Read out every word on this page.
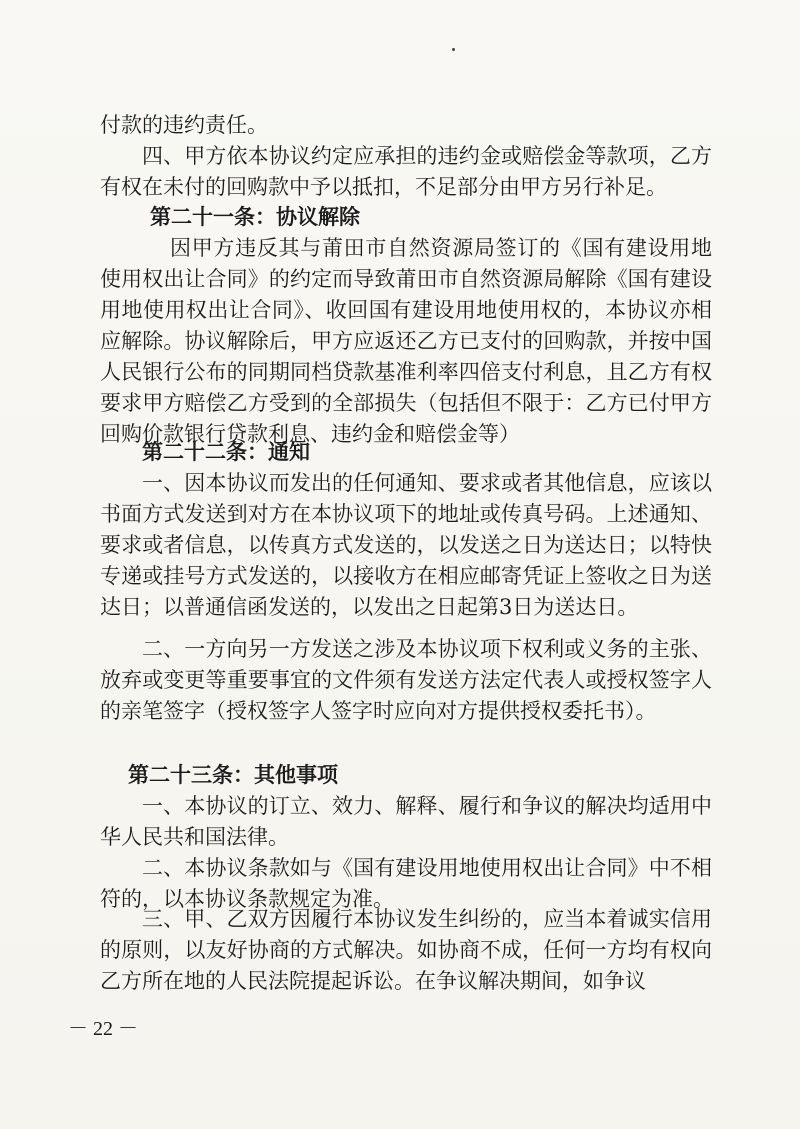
付款的违约责任。
四、甲方依本协议约定应承担的违约金或赔偿金等款项，乙方有权在未付的回购款中予以抵扣，不足部分由甲方另行补足。
第二十一条：协议解除
因甲方违反其与莆田市自然资源局签订的《国有建设用地使用权出让合同》的约定而导致莆田市自然资源局解除《国有建设用地使用权出让合同》、收回国有建设用地使用权的，本协议亦相应解除。协议解除后，甲方应返还乙方已支付的回购款，并按中国人民银行公布的同期同档贷款基准利率四倍支付利息，且乙方有权要求甲方赔偿乙方受到的全部损失（包括但不限于：乙方已付甲方回购价款银行贷款利息、违约金和赔偿金等）
第二十二条：通知
一、因本协议而发出的任何通知、要求或者其他信息，应该以书面方式发送到对方在本协议项下的地址或传真号码。上述通知、要求或者信息，以传真方式发送的，以发送之日为送达日；以特快专递或挂号方式发送的，以接收方在相应邮寄凭证上签收之日为送达日；以普通信函发送的，以发出之日起第3日为送达日。
二、一方向另一方发送之涉及本协议项下权利或义务的主张、放弃或变更等重要事宜的文件须有发送方法定代表人或授权签字人的亲笔签字（授权签字人签字时应向对方提供授权委托书）。
第二十三条：其他事项
一、本协议的订立、效力、解释、履行和争议的解决均适用中华人民共和国法律。
二、本协议条款如与《国有建设用地使用权出让合同》中不相符的，以本协议条款规定为准。
三、甲、乙双方因履行本协议发生纠纷的，应当本着诚实信用的原则，以友好协商的方式解决。如协商不成，任何一方均有权向乙方所在地的人民法院提起诉讼。在争议解决期间，如争议
－ 22 －
